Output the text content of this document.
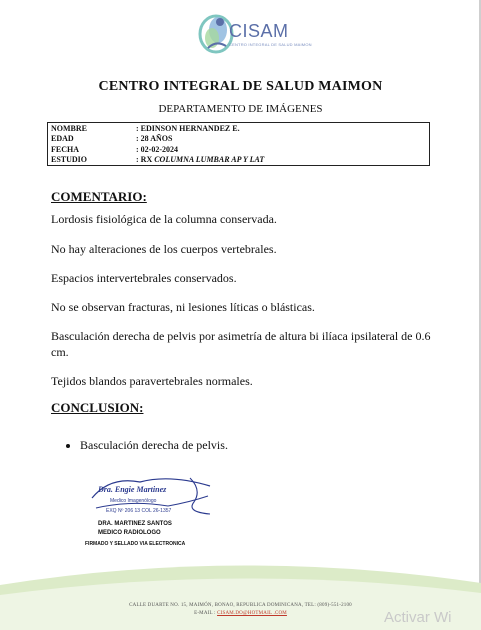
CISAM
CENTRO INTEGRAL DE SALUD MAIMON
CENTRO INTEGRAL DE SALUD MAIMON
DEPARTAMENTO DE IMÁGENES
NOMBRE	: EDINSON HERNANDEZ E.
EDAD	: 28 AÑOS
FECHA	: 02-02-2024
ESTUDIO	: RX COLUMNA LUMBAR AP Y LAT
COMENTARIO:
Lordosis fisiológica de la columna conservada.
No hay alteraciones de los cuerpos vertebrales.
Espacios intervertebrales conservados.
No se observan fracturas, ni lesiones líticas o blásticas.
Basculación derecha de pelvis por asimetría de altura bi ilíaca ipsilateral de 0.6 cm.
Tejidos blandos paravertebrales normales.
CONCLUSION:
Basculación derecha de pelvis.
Dra. Engie Martinez
Medico Imagenólogo
EXQ Nº 206 13 COL 26-1357
DRA. MARTINEZ SANTOS
MEDICO RADIOLOGO
FIRMADO Y SELLADO VIA ELECTRONICA
CALLE DUARTE NO. 15, MAIMÓN, BONAO, REPUBLICA DOMINICANA, TEL: (809)-551-2100
E-MAIL : CISAM.DO@HOTMAIL .COM	Activar Wi
